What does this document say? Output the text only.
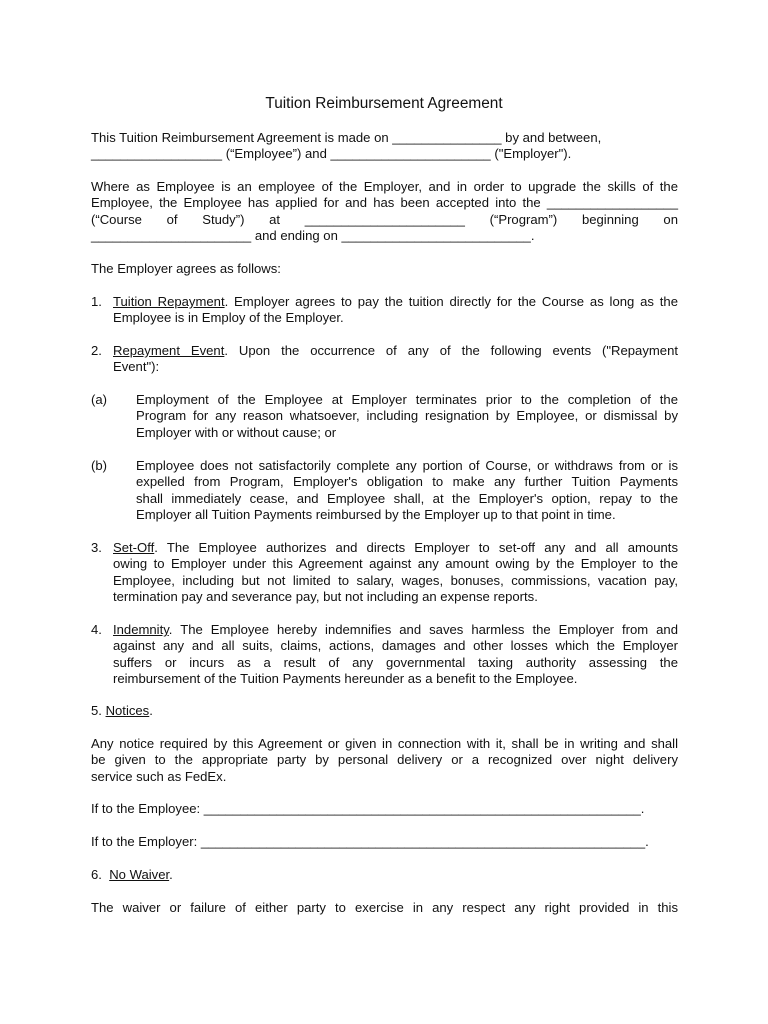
Tuition Reimbursement Agreement
This Tuition Reimbursement Agreement is made on _______________ by and between,
__________________ (“Employee”) and ______________________ ("Employer").
Where as Employee is an employee of the Employer, and in order to upgrade the skills of the
Employee, the Employee has applied for and has been accepted into the __________________
(“Course of Study”) at ______________________ (“Program”) beginning on
______________________ and ending on __________________________.
The Employer agrees as follows:
1. Tuition Repayment. Employer agrees to pay the tuition directly for the Course as long as the
Employee is in Employ of the Employer.
2. Repayment Event. Upon the occurrence of any of the following events ("Repayment
Event"):
(a) Employment of the Employee at Employer terminates prior to the completion of the
Program for any reason whatsoever, including resignation by Employee, or dismissal by
Employer with or without cause; or
(b) Employee does not satisfactorily complete any portion of Course, or withdraws from or is
expelled from Program, Employer's obligation to make any further Tuition Payments
shall immediately cease, and Employee shall, at the Employer's option, repay to the
Employer all Tuition Payments reimbursed by the Employer up to that point in time.
3. Set-Off. The Employee authorizes and directs Employer to set-off any and all amounts
owing to Employer under this Agreement against any amount owing by the Employer to the
Employee, including but not limited to salary, wages, bonuses, commissions, vacation pay,
termination pay and severance pay, but not including an expense reports.
4. Indemnity. The Employee hereby indemnifies and saves harmless the Employer from and
against any and all suits, claims, actions, damages and other losses which the Employer
suffers or incurs as a result of any governmental taxing authority assessing the
reimbursement of the Tuition Payments hereunder as a benefit to the Employee.
5. Notices.
Any notice required by this Agreement or given in connection with it, shall be in writing and shall
be given to the appropriate party by personal delivery or a recognized over night delivery
service such as FedEx.
If to the Employee: ____________________________________________________________.
If to the Employer: _____________________________________________________________.
6. No Waiver.
The waiver or failure of either party to exercise in any respect any right provided in this
